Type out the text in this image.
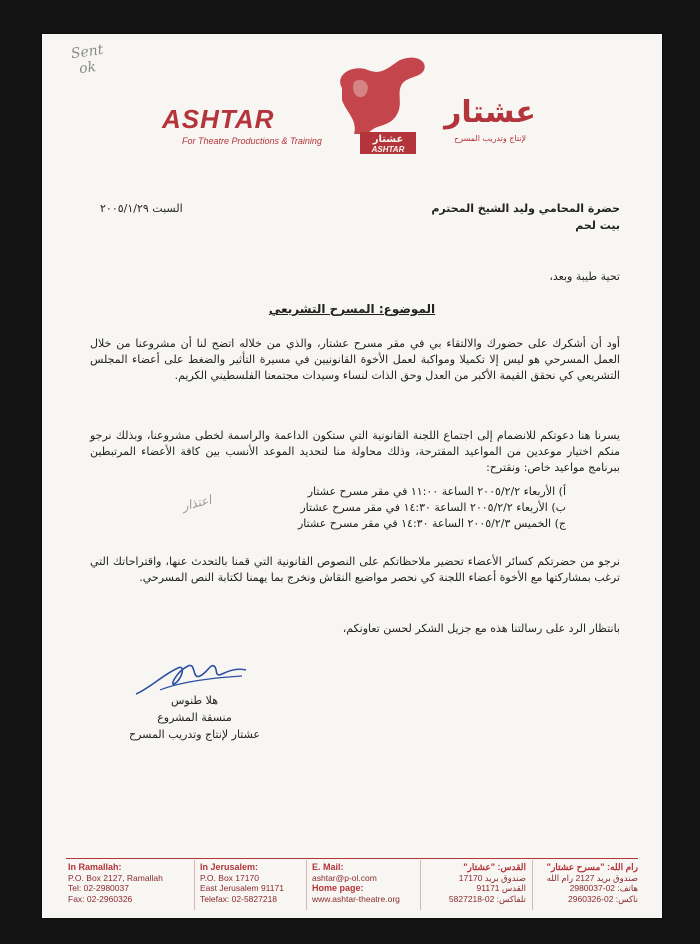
Sent
ok
ASHTAR
For Theatre Productions & Training	عشتار
ASHTAR
عشتار
لإنتاج وتدريب المسرح
السبت ٢٠٠٥/١/٢٩	حضرة المحامي وليد الشيخ المحترم
بيت لحم
تحية طيبة وبعد،
الموضوع: المسرح التشريعي
أود أن أشكرك على حضورك والالتقاء بي في مقر مسرح عشتار، والذي من خلاله اتضح لنا أن مشروعنا من خلال العمل المسرحي هو ليس إلا تكميلا ومواكبة لعمل الأخوة القانونيين في مسيرة التأثير والضغط على أعضاء المجلس التشريعي كي نحقق القيمة الأكبر من العدل وحق الذات لنساء وسيدات مجتمعنا الفلسطيني الكريم.
يسرنا هنا دعوتكم للانضمام إلى اجتماع اللجنة القانونية التي ستكون الداعمة والراسمة لخطى مشروعنا، وبذلك نرجو منكم اختيار موعدين من المواعيد المقترحة، وذلك محاولة منا لتحديد الموعد الأنسب بين كافة الأعضاء المرتبطين ببرنامج مواعيد خاص: ونقترح:
أ) الأربعاء ٢٠٠٥/٢/٢ الساعة ١١:٠٠ في مقر مسرح عشتار
ب) الأربعاء ٢٠٠٥/٢/٢ الساعة ١٤:٣٠ في مقر مسرح عشتار
ج) الخميس ٢٠٠٥/٢/٣ الساعة ١٤:٣٠ في مقر مسرح عشتار
اعتذار
نرجو من حضرتكم كسائر الأعضاء تحضير ملاحظاتكم على النصوص القانونية التي قمنا بالتحدث عنها، واقتراحاتك التي ترغب بمشاركتها مع الأخوة أعضاء اللجنة كي نحصر مواضيع النقاش ونخرج بما يهمنا لكتابة النص المسرحي.
بانتظار الرد على رسالتنا هذه مع جزيل الشكر لحسن تعاونكم،
هلا طنوس
منسقة المشروع
عشتار لإنتاج وتدريب المسرح
In Ramallah:
P.O. Box 2127, Ramallah
Tel: 02-2980037
Fax: 02-2960326
In Jerusalem:
P.O. Box 17170
East Jerusalem 91171
Telefax: 02-5827218
E. Mail:
ashtar@p-ol.com
Home page:
www.ashtar-theatre.org
القدس: "عشتار"
صندوق بريد 17170
القدس 91171
تلفاكس: 02-5827218
رام الله: "مسرح عشتار"
صندوق بريد 2127 رام الله
هاتف: 02-2980037
ناكس: 02-2960326
